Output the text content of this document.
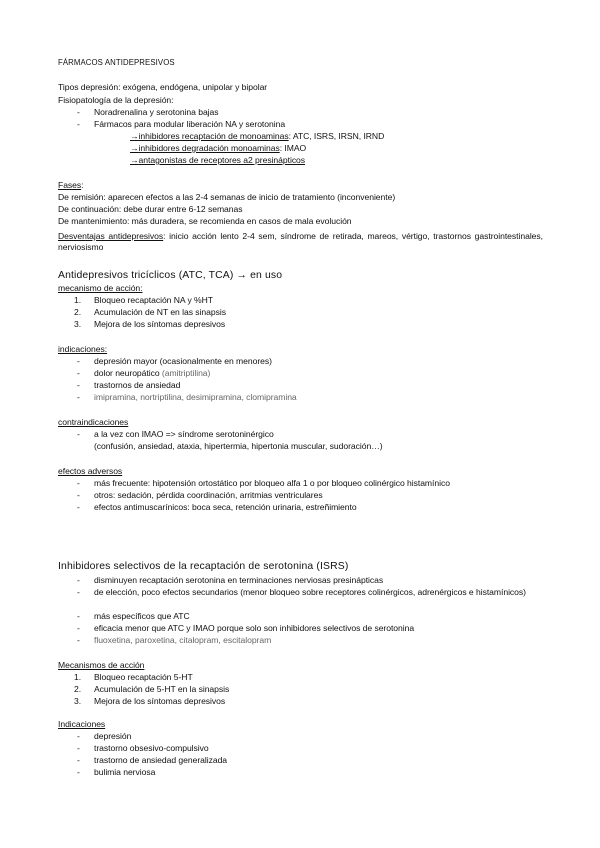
FÁRMACOS ANTIDEPRESIVOS
Tipos depresión: exógena, endógena, unipolar y bipolar
Fisiopatología de la depresión:
-	Noradrenalina y serotonina bajas
-	Fármacos para modular liberación NA y serotonina
→inhibidores recaptación de monoaminas: ATC, ISRS, IRSN, IRND
→inhibidores degradación monoaminas: IMAO
→antagonistas de receptores a2 presinápticos
Fases:
De remisión: aparecen efectos a las 2-4 semanas de inicio de tratamiento (inconveniente)
De continuación: debe durar entre 6-12 semanas
De mantenimiento: más duradera, se recomienda en casos de mala evolución
Desventajas antidepresivos: inicio acción lento 2-4 sem, síndrome de retirada, mareos, vértigo, trastornos gastrointestinales, nerviosismo
Antidepresivos tricíclicos (ATC, TCA) → en uso
mecanismo de acción:
1. Bloqueo recaptación NA y %HT
2. Acumulación de NT en las sinapsis
3. Mejora de los síntomas depresivos
indicaciones:
-	depresión mayor (ocasionalmente en menores)
-	dolor neuropático (amitriptilina)
-	trastornos de ansiedad
-	imipramina, nortriptilina, desimipramina, clomipramina
contraindicaciones
-	a la vez con IMAO => síndrome serotoninérgico
(confusión, ansiedad, ataxia, hipertermia, hipertonia muscular, sudoración…)
efectos adversos
-	más frecuente: hipotensión ortostático por bloqueo alfa 1 o por bloqueo colinérgico histamínico
-	otros: sedación, pérdida coordinación, arritmias ventriculares
-	efectos antimuscarínicos: boca seca, retención urinaria, estreñimiento
Inhibidores selectivos de la recaptación de serotonina (ISRS)
-	disminuyen recaptación serotonina en terminaciones nerviosas presinápticas
-	de elección, poco efectos secundarios (menor bloqueo sobre receptores colinérgicos, adrenérgicos e histamínicos)
-	más específicos que ATC
-	eficacia menor que ATC y IMAO porque solo son inhibidores selectivos de serotonina
-	fluoxetina, paroxetina, citalopram, escitalopram
Mecanismos de acción
1. Bloqueo recaptación 5-HT
2. Acumulación de 5-HT en la sinapsis
3. Mejora de los síntomas depresivos
Indicaciones
-	depresión
-	trastorno obsesivo-compulsivo
-	trastorno de ansiedad generalizada
-	bulimia nerviosa
